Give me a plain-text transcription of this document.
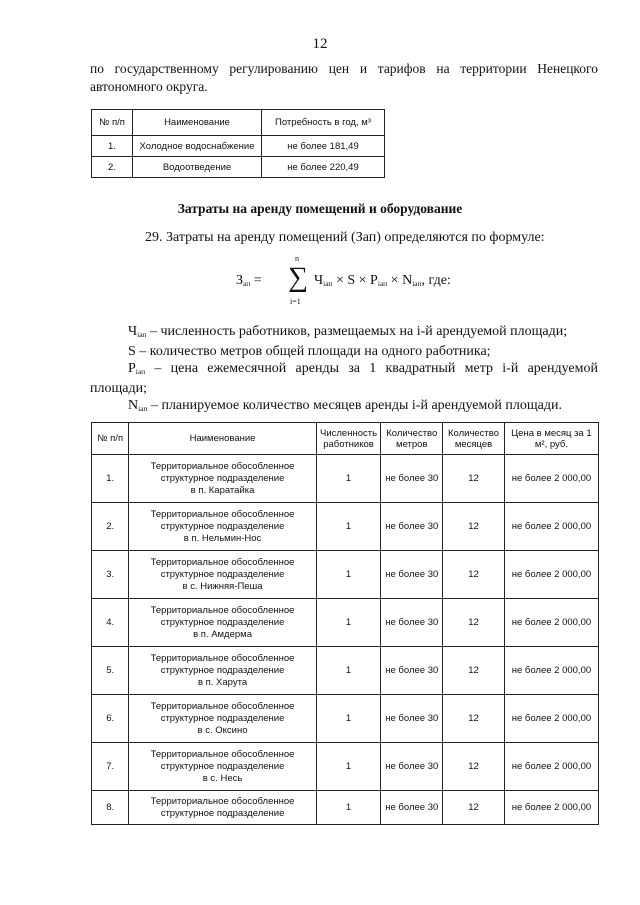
12
по государственному регулированию цен и тарифов на территории Ненецкого
автономного округа.
№ п/п	Наименование	Потребность в год, м³
1.	Холодное водоснабжение	не более 181,49
2.	Водоотведение	не более 220,49
Затраты на аренду помещений и оборудование
29. Затраты на аренду помещений (Зап) определяются по формуле:
$З_{ап}$ =
n
∑
i=1
$Ч_{iап} \times S \times P_{iап} \times N_{iап}$, где:

$Ч_{iап}$ – численность работников, размещаемых на i-й арендуемой площади;

S – количество метров общей площади на одного работника;

$P_{iап}$ – цена ежемесячной аренды за 1 квадратный метр i-й арендуемой

площади;

$N_{iап}$ – планируемое количество месяцев аренды i-й арендуемой площади.

№ п/п	Наименование	Численность работников	Количество метров	Количество месяцев	Цена в месяц за 1 м², руб.
1.	Территориальное обособленное
структурное подразделение
в п. Каратайка	1	не более 30	12	не более 2 000,00
2.	Территориальное обособленное
структурное подразделение
в п. Нельмин-Нос	1	не более 30	12	не более 2 000,00
3.	Территориальное обособленное
структурное подразделение
в с. Нижняя-Пеша	1	не более 30	12	не более 2 000,00
4.	Территориальное обособленное
структурное подразделение
в п. Амдерма	1	не более 30	12	не более 2 000,00
5.	Территориальное обособленное
структурное подразделение
в п. Харута	1	не более 30	12	не более 2 000,00
6.	Территориальное обособленное
структурное подразделение
в с. Оксино	1	не более 30	12	не более 2 000,00
7.	Территориальное обособленное
структурное подразделение
в с. Несь	1	не более 30	12	не более 2 000,00
8.	Территориальное обособленное
структурное подразделение	1	не более 30	12	не более 2 000,00
